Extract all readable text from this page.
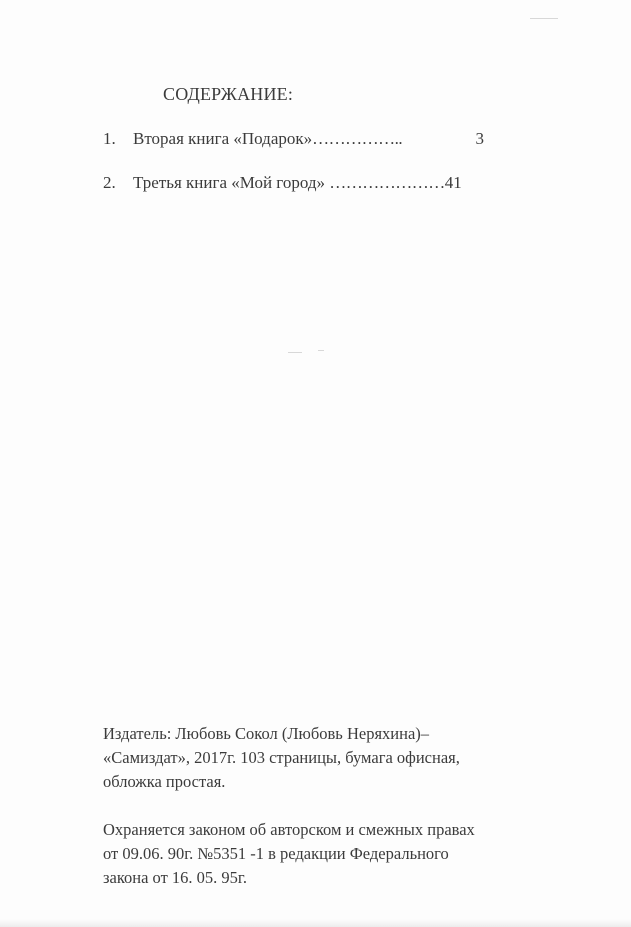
СОДЕРЖАНИЕ:
1. Вторая книга «Подарок»……………..	3
2. Третья книга «Мой город» …………………41

Издатель: Любовь Сокол (Любовь Неряхина)–

«Самиздат», 2017г. 103 страницы, бумага офисная,

обложка простая.

Охраняется законом об авторском и смежных правах

от 09.06. 90г. №5351 -1 в редакции Федерального

закона от 16. 05. 95г.
